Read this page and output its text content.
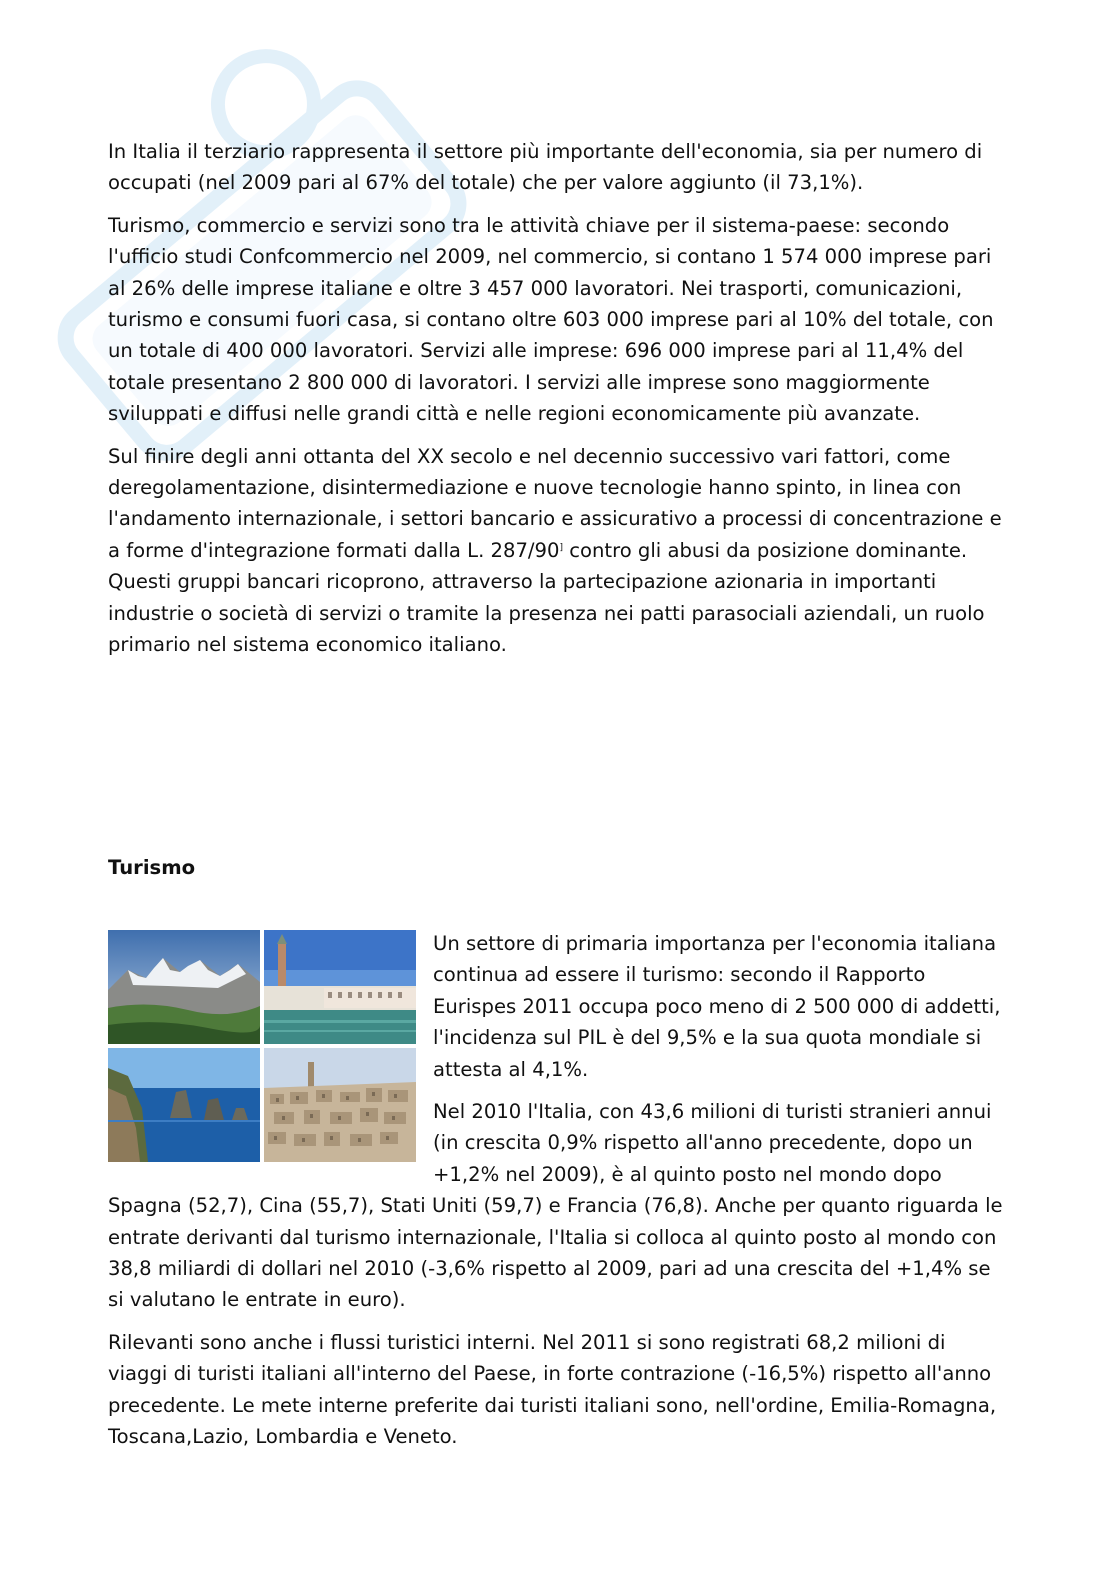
In Italia il terziario rappresenta il settore più importante dell'economia, sia per numero di occupati (nel 2009 pari al 67% del totale) che per valore aggiunto (il 73,1%).

Turismo, commercio e servizi sono tra le attività chiave per il sistema-paese: secondo l'ufficio studi Confcommercio nel 2009, nel commercio, si contano 1 574 000 imprese pari al 26% delle imprese italiane e oltre 3 457 000 lavoratori. Nei trasporti, comunicazioni, turismo e consumi fuori casa, si contano oltre 603 000 imprese pari al 10% del totale, con un totale di 400 000 lavoratori. Servizi alle imprese: 696 000 imprese pari al 11,4% del totale presentano 2 800 000 di lavoratori. I servizi alle imprese sono maggiormente sviluppati e diffusi nelle grandi città e nelle regioni economicamente più avanzate.

Sul finire degli anni ottanta del XX secolo e nel decennio successivo vari fattori, come deregolamentazione, disintermediazione e nuove tecnologie hanno spinto, in linea con l'andamento internazionale, i settori bancario e assicurativo a processi di concentrazione e a forme d'integrazione formati dalla L. 287/90] contro gli abusi da posizione dominante. Questi gruppi bancari ricoprono, attraverso la partecipazione azionaria in importanti industrie o società di servizi o tramite la presenza nei patti parasociali aziendali, un ruolo primario nel sistema economico italiano.

Turismo

Un settore di primaria importanza per l'economia italiana continua ad essere il turismo: secondo il Rapporto Eurispes 2011 occupa poco meno di 2 500 000 di addetti, l'incidenza sul PIL è del 9,5% e la sua quota mondiale si attesta al 4,1%.

Nel 2010 l'Italia, con 43,6 milioni di turisti stranieri annui (in crescita 0,9% rispetto all'anno precedente, dopo un +1,2% nel 2009), è al quinto posto nel mondo dopo Spagna (52,7), Cina (55,7), Stati Uniti (59,7) e Francia (76,8). Anche per quanto riguarda le entrate derivanti dal turismo internazionale, l'Italia si colloca al quinto posto al mondo con 38,8 miliardi di dollari nel 2010 (-3,6% rispetto al 2009, pari ad una crescita del +1,4% se si valutano le entrate in euro).

Rilevanti sono anche i flussi turistici interni. Nel 2011 si sono registrati 68,2 milioni di viaggi di turisti italiani all'interno del Paese, in forte contrazione (-16,5%) rispetto all'anno precedente. Le mete interne preferite dai turisti italiani sono, nell'ordine, Emilia-Romagna, Toscana,Lazio, Lombardia e Veneto.
